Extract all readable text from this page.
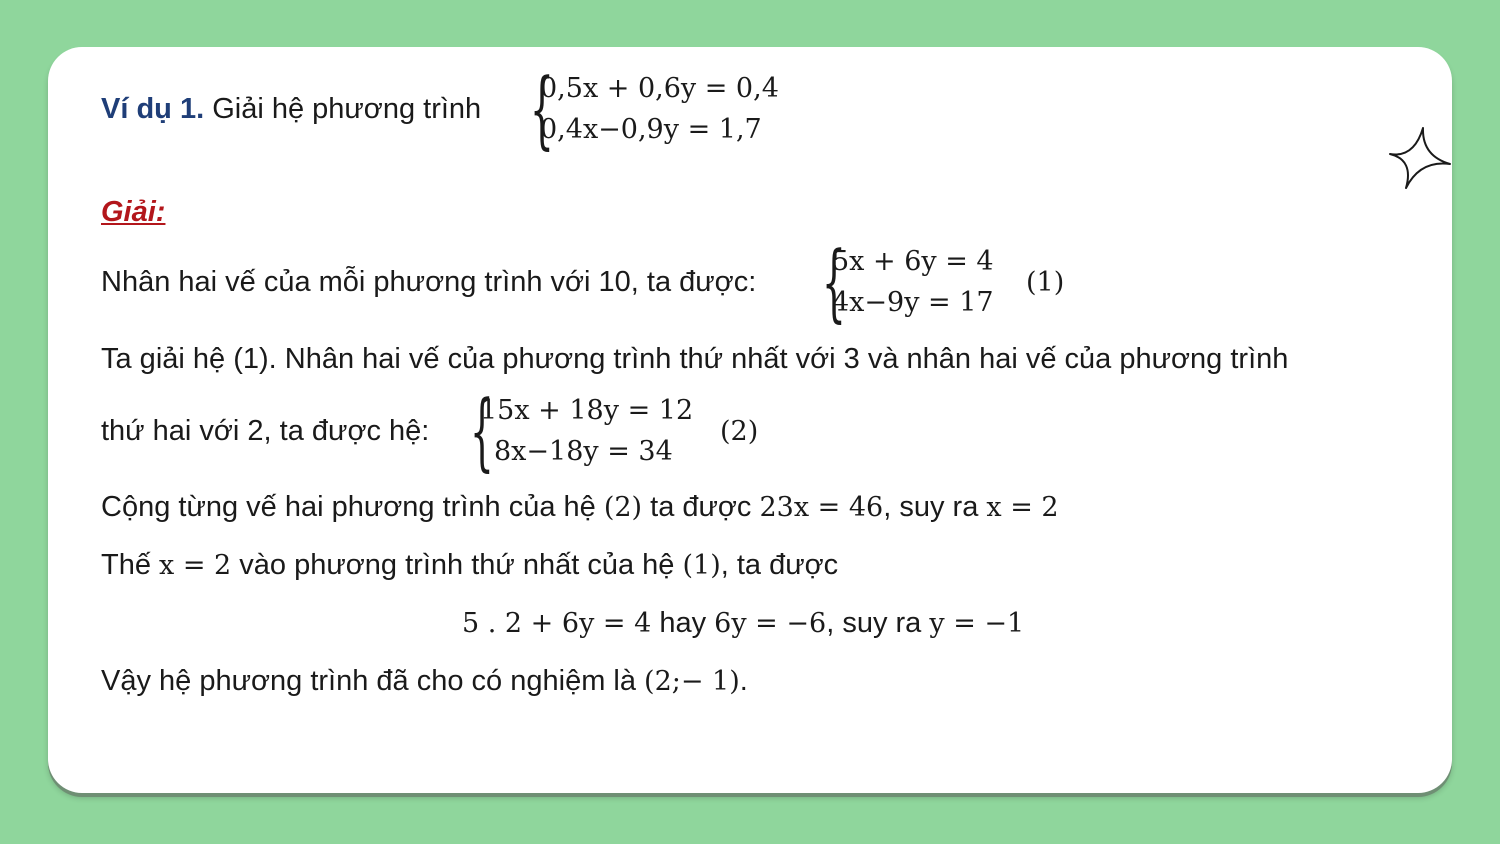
Ví dụ 1. Giải hệ phương trình {
0,5x + 0,6y = 0,4
0,4x−0,9y = 1,7
Giải:
Nhân hai vế của mỗi phương trình với 10, ta được: {
5x + 6y = 4
4x−9y = 17
(1)
Ta giải hệ (1). Nhân hai vế của phương trình thứ nhất với 3 và nhân hai vế của phương trình
thứ hai với 2, ta được hệ: {
15x + 18y = 12
8x−18y = 34
(2)
Cộng từng vế hai phương trình của hệ (2) ta được 23x = 46, suy ra x = 2
Thế x = 2 vào phương trình thứ nhất của hệ (1), ta được
5 . 2 + 6y = 4 hay 6y = −6, suy ra y = −1
Vậy hệ phương trình đã cho có nghiệm là (2;− 1).
